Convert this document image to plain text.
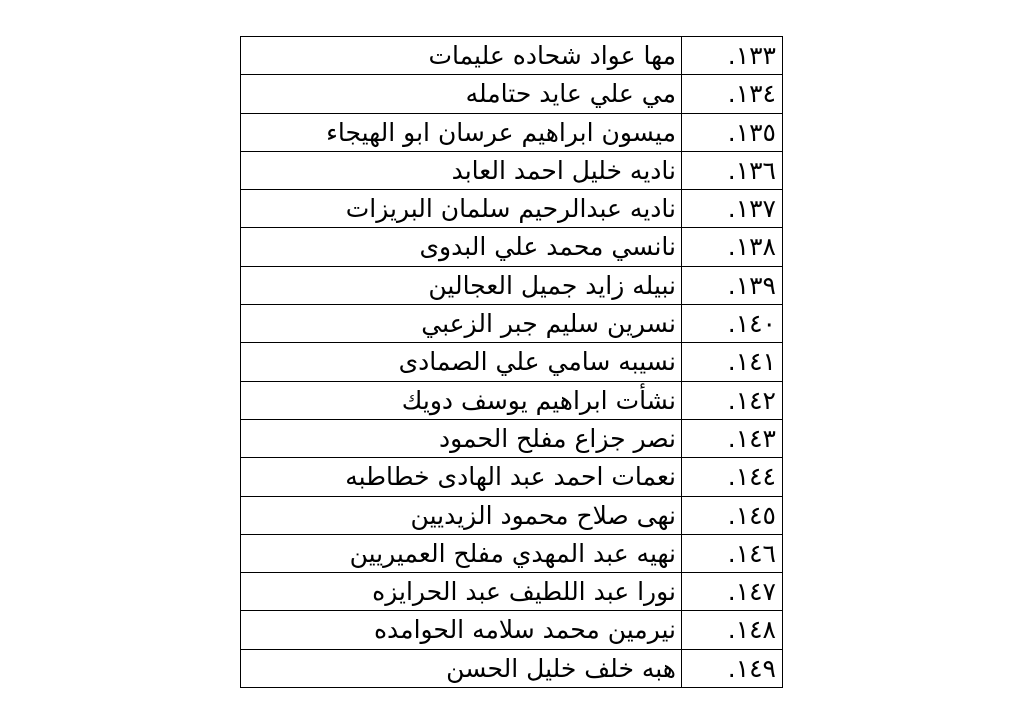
١٣٣.
مها عواد شحاده عليمات
١٣٤.
مي علي عايد حتامله
١٣٥.
ميسون ابراهيم عرسان ابو الهيجاء
١٣٦.
ناديه خليل احمد العابد
١٣٧.
ناديه عبدالرحيم سلمان البريزات
١٣٨.
نانسي محمد علي البدوى
١٣٩.
نبيله زايد جميل العجالين
١٤٠.
نسرين سليم جبر الزعبي
١٤١.
نسيبه سامي علي الصمادى
١٤٢.
نشأت ابراهيم يوسف دويك
١٤٣.
نصر جزاع مفلح الحمود
١٤٤.
نعمات احمد عبد الهادى خطاطبه
١٤٥.
نهى صلاح محمود الزيديين
١٤٦.
نهيه عبد المهدي مفلح العميريين
١٤٧.
نورا عبد اللطيف عبد الحرايزه
١٤٨.
نيرمين محمد سلامه الحوامده
١٤٩.
هبه خلف خليل الحسن
